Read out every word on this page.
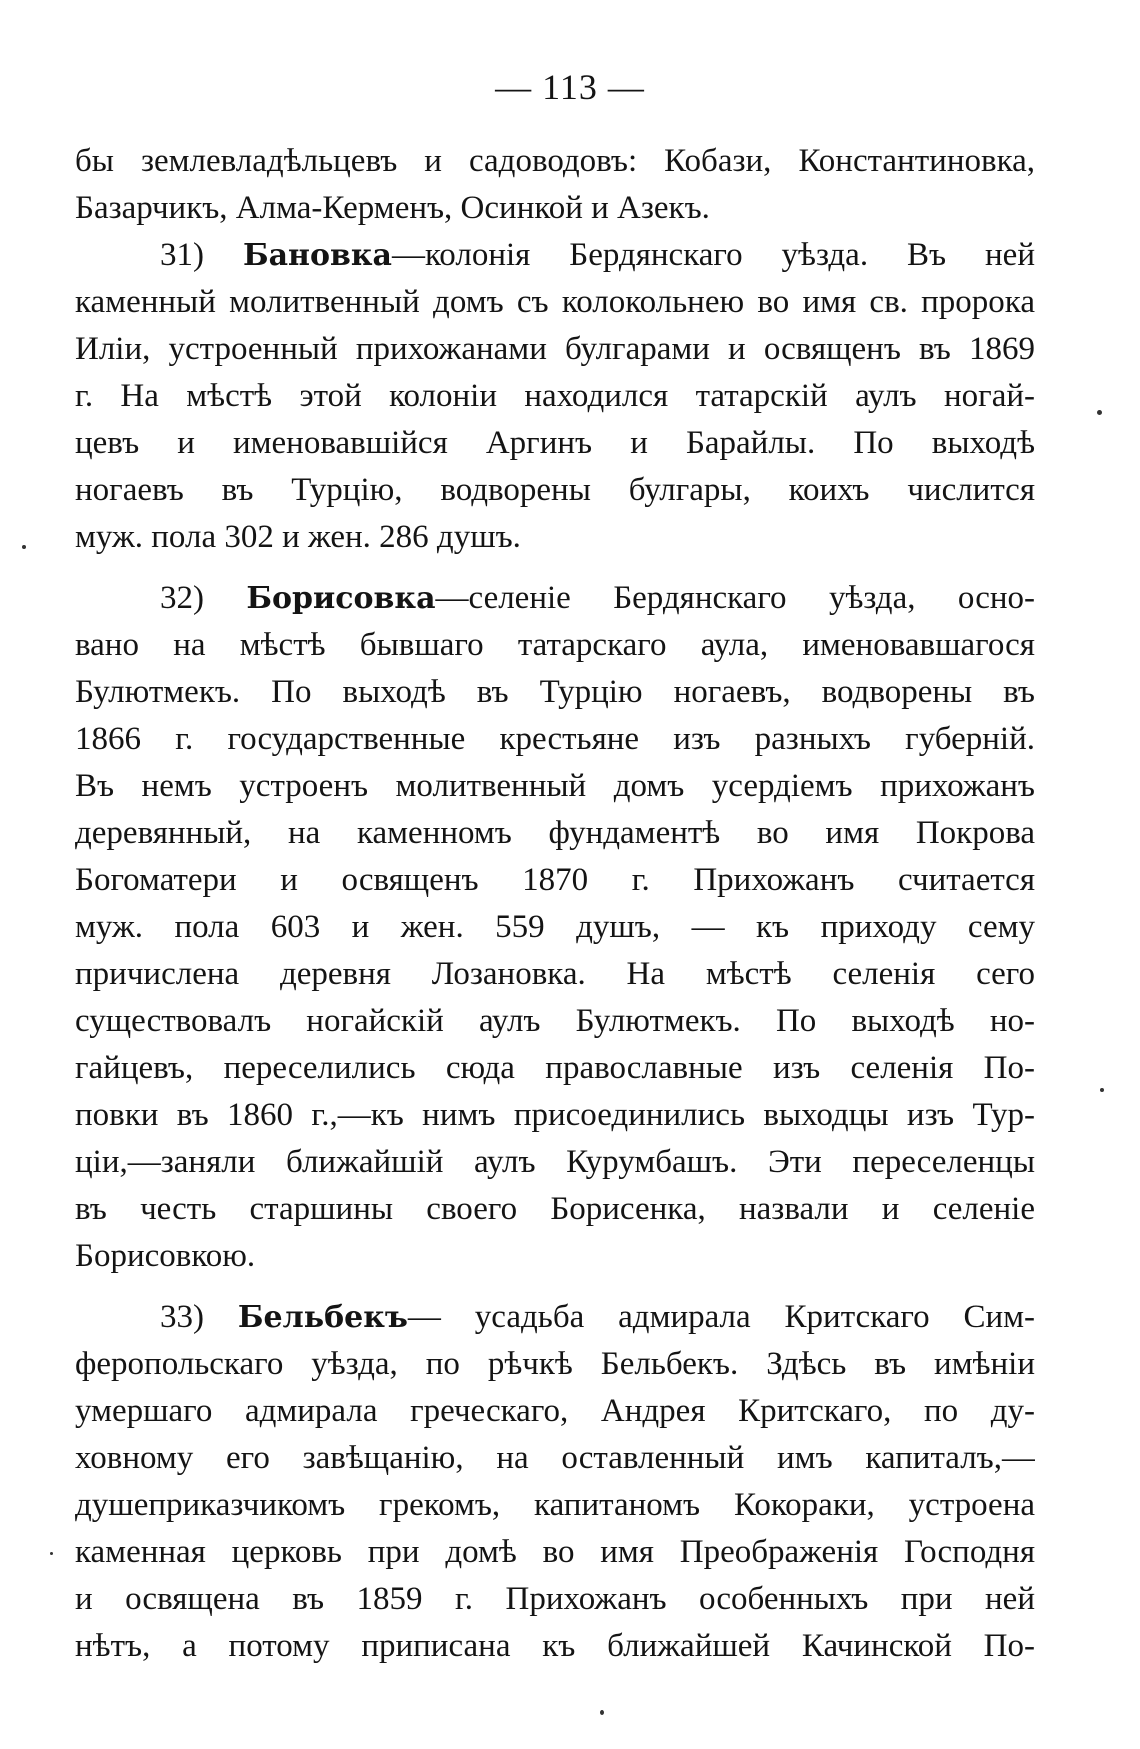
— 113 —
бы землевладѣльцевъ и садоводовъ: Кобази, Константиновка,
Базарчикъ, Алма-Керменъ, Осинкой и Азекъ.
31) Бановка—колонія Бердянскаго уѣзда. Въ ней
каменный молитвенный домъ съ колокольнею во имя св. пророка
Иліи, устроенный прихожанами булгарами и освященъ въ 1869
г. На мѣстѣ этой колоніи находился татарскій аулъ ногай-
цевъ и именовавшійся Аргинъ и Барайлы. По выходѣ
ногаевъ въ Турцію, водворены булгары, коихъ числится
муж. пола 302 и жен. 286 душъ.
32) Борисовка—селеніе Бердянскаго уѣзда, осно-
вано на мѣстѣ бывшаго татарскаго аула, именовавшагося
Булютмекъ. По выходѣ въ Турцію ногаевъ, водворены въ
1866 г. государственные крестьяне изъ разныхъ губерній.
Въ немъ устроенъ молитвенный домъ усердіемъ прихожанъ
деревянный, на каменномъ фундаментѣ во имя Покрова
Богоматери и освященъ 1870 г. Прихожанъ считается
муж. пола 603 и жен. 559 душъ, — къ приходу сему
причислена деревня Лозановка. На мѣстѣ селенія сего
существовалъ ногайскій аулъ Булютмекъ. По выходѣ но-
гайцевъ, переселились сюда православные изъ селенія По-
повки въ 1860 г.,—къ нимъ присоединились выходцы изъ Тур-
ціи,—заняли ближайшій аулъ Курумбашъ. Эти переселенцы
въ честь старшины своего Борисенка, назвали и селеніе
Борисовкою.
33) Бельбекъ— усадьба адмирала Критскаго Сим-
феропольскаго уѣзда, по рѣчкѣ Бельбекъ. Здѣсь въ имѣніи
умершаго адмирала греческаго, Андрея Критскаго, по ду-
ховному его завѣщанію, на оставленный имъ капиталъ,—
душеприказчикомъ грекомъ, капитаномъ Кокораки, устроена
каменная церковь при домѣ во имя Преображенія Господня
и освящена въ 1859 г. Прихожанъ особенныхъ при ней
нѣтъ, а потому приписана къ ближайшей Качинской По-
